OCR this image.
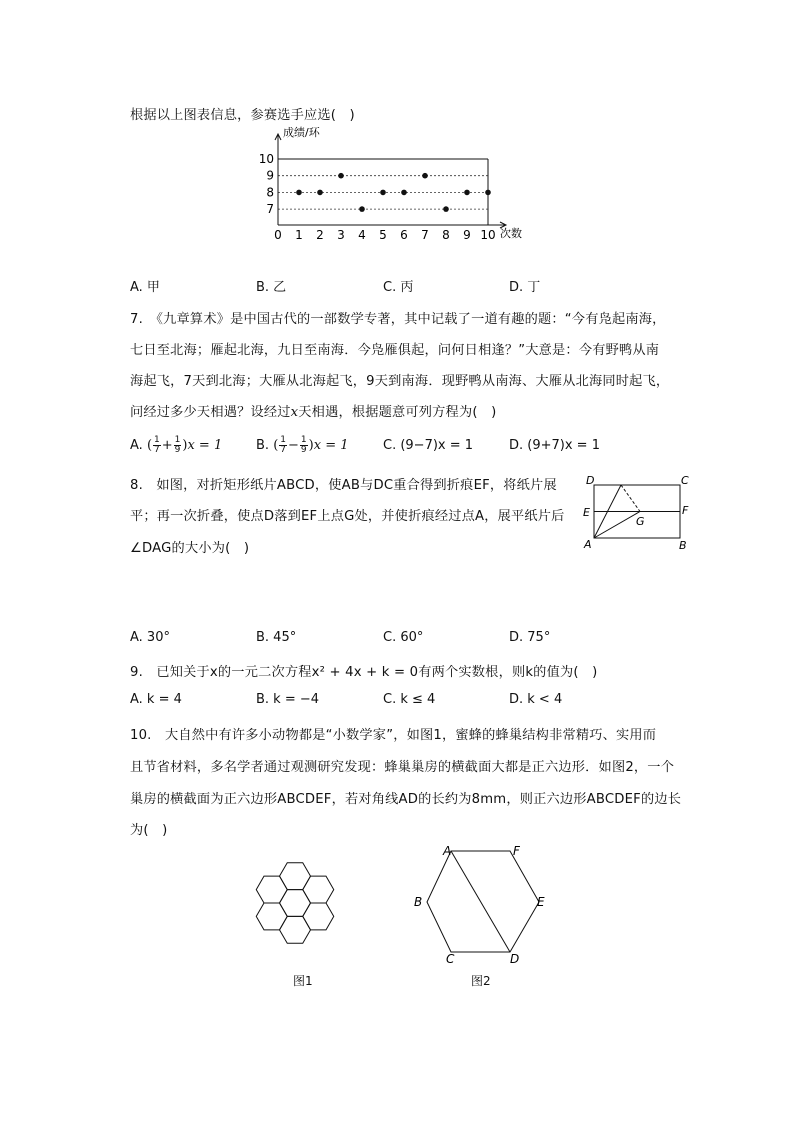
根据以上图表信息，参赛选手应选(　)
成绩/环
7
8
9
10
0 1 2 3 4 5 6 7 8 9 10 次数
A. 甲	B. 乙	C. 丙	D. 丁
7.　《九章算术》是中国古代的一部数学专著，其中记载了一道有趣的题：“今有凫起南海，
七日至北海；雁起北海，九日至南海．今凫雁俱起，问何日相逢？”大意是：今有野鸭从南
海起飞，7天到北海；大雁从北海起飞，9天到南海．现野鸭从南海、大雁从北海同时起飞，
问经过多少天相遇？设经过x天相遇，根据题意可列方程为(　)
A. ( $\frac{1}{7} + \frac{1}{9} )x = 1$	B. ( $\frac{1}{7} - \frac{1}{9} )x = 1$	C. (9−7)x = 1	D. (9+7)x = 1
8.　如图，对折矩形纸片ABCD，使AB与DC重合得到折痕EF，将纸片展
平；再一次折叠，使点D落到EF上点G处，并使折痕经过点A，展平纸片后
∠DAG的大小为(　)
D	C
E	F
G
A	B
A. 30°	B. 45°	C. 60°	D. 75°
9.　已知关于x的一元二次方程x² + 4x + k = 0有两个实数根，则k的值为(　)
A. k = 4	B. k = −4	C. k ≤ 4	D. k < 4
10.　大自然中有许多小动物都是“小数学家”，如图1，蜜蜂的蜂巢结构非常精巧、实用而
且节省材料，多名学者通过观测研究发现：蜂巢巢房的横截面大都是正六边形．如图2，一个
巢房的横截面为正六边形ABCDEF，若对角线AD的长约为8mm，则正六边形ABCDEF的边长
为(　)
图1
A	F
B	E
C	D
图2
